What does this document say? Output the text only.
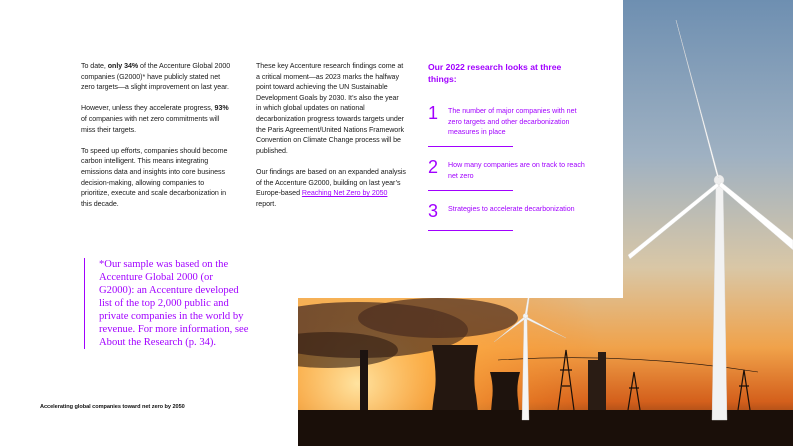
To date, only 34% of the Accenture Global 2000 companies (G2000)* have publicly stated net zero targets—a slight improvement on last year.

However, unless they accelerate progress, 93% of companies with net zero commitments will miss their targets.

To speed up efforts, companies should become carbon intelligent. This means integrating emissions data and insights into core business decision-making, allowing companies to prioritize, execute and scale decarbonization in this decade.

These key Accenture research findings come at a critical moment—as 2023 marks the halfway point toward achieving the UN Sustainable Development Goals by 2030. It’s also the year in which global updates on national decarbonization progress towards targets under the Paris Agreement/United Nations Framework Convention on Climate Change process will be published.

Our findings are based on an expanded analysis of the Accenture G2000, building on last year’s Europe-based Reaching Net Zero by 2050 report.

Our 2022 research looks at three things:
1 The number of major companies with net zero targets and other decarbonization measures in place
2 How many companies are on track to reach net zero
3 Strategies to accelerate decarbonization
*Our sample was based on the Accenture Global 2000 (or G2000): an Accenture developed list of the top 2,000 public and private companies in the world by revenue. For more information, see About the Research (p. 34).
Accelerating global companies toward net zero by 2050
